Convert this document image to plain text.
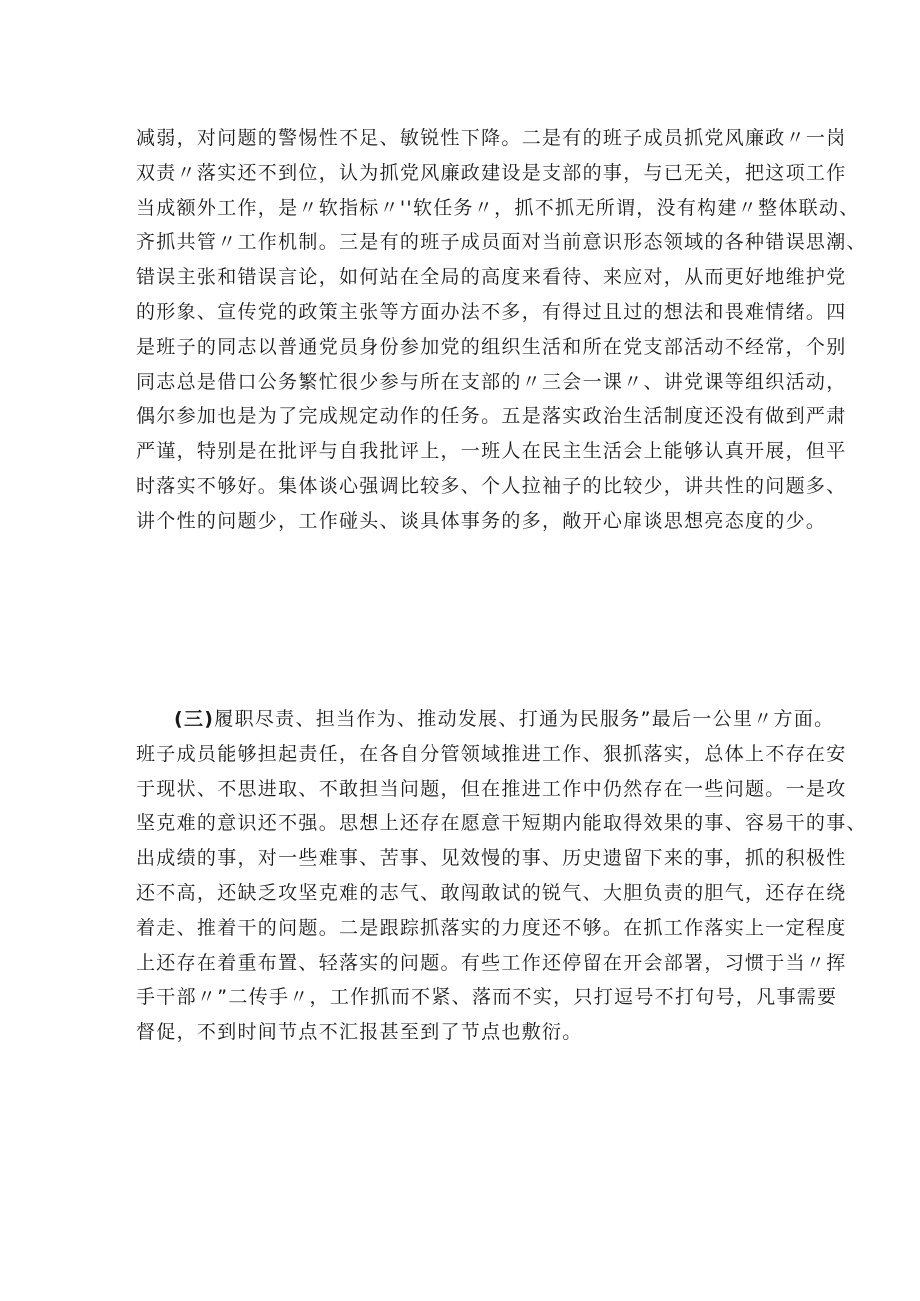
减弱，对问题的警惕性不足、敏锐性下降。二是有的班子成员抓党风廉政〃一岗
双责〃落实还不到位，认为抓党风廉政建设是支部的事，与已无关，把这项工作
当成额外工作，是〃软指标〃''软任务〃，抓不抓无所谓，没有构建〃整体联动、
齐抓共管〃工作机制。三是有的班子成员面对当前意识形态领域的各种错误思潮、
错误主张和错误言论，如何站在全局的高度来看待、来应对，从而更好地维护党
的形象、宣传党的政策主张等方面办法不多，有得过且过的想法和畏难情绪。四
是班子的同志以普通党员身份参加党的组织生活和所在党支部活动不经常，个别
同志总是借口公务繁忙很少参与所在支部的〃三会一课〃、讲党课等组织活动，
偶尔参加也是为了完成规定动作的任务。五是落实政治生活制度还没有做到严肃
严谨，特别是在批评与自我批评上，一班人在民主生活会上能够认真开展，但平
时落实不够好。集体谈心强调比较多、个人拉袖子的比较少，讲共性的问题多、
讲个性的问题少，工作碰头、谈具体事务的多，敞开心扉谈思想亮态度的少。
(三)履职尽责、担当作为、推动发展、打通为民服务”最后一公里〃方面。
班子成员能够担起责任，在各自分管领域推进工作、狠抓落实，总体上不存在安
于现状、不思进取、不敢担当问题，但在推进工作中仍然存在一些问题。一是攻
坚克难的意识还不强。思想上还存在愿意干短期内能取得效果的事、容易干的事、
出成绩的事，对一些难事、苦事、见效慢的事、历史遗留下来的事，抓的积极性
还不高，还缺乏攻坚克难的志气、敢闯敢试的锐气、大胆负责的胆气，还存在绕
着走、推着干的问题。二是跟踪抓落实的力度还不够。在抓工作落实上一定程度
上还存在着重布置、轻落实的问题。有些工作还停留在开会部署，习惯于当〃挥
手干部〃”二传手〃，工作抓而不紧、落而不实，只打逗号不打句号，凡事需要
督促，不到时间节点不汇报甚至到了节点也敷衍。
